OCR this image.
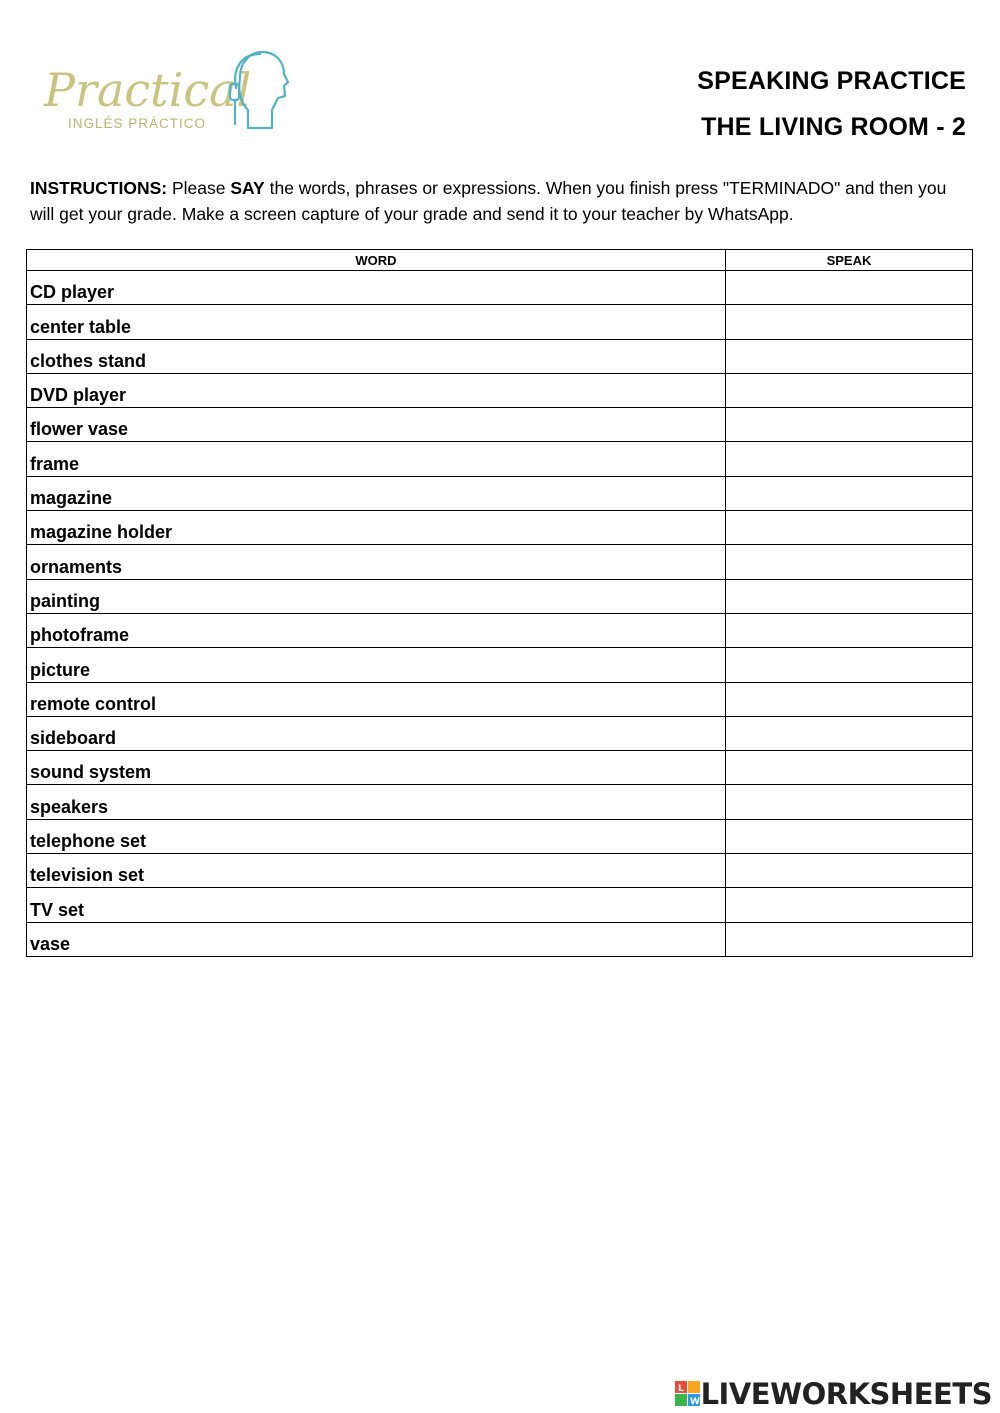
Practical
INGLÉS PRÁCTICO
SPEAKING PRACTICE
THE LIVING ROOM - 2
INSTRUCTIONS: Please SAY the words, phrases or expressions. When you finish press "TERMINADO" and then you will get your grade. Make a screen capture of your grade and send it to your teacher by WhatsApp.
WORD	SPEAK
CD player	
center table	
clothes stand	
DVD player	
flower vase	
frame	
magazine	
magazine holder	
ornaments	
painting	
photoframe	
picture	
remote control	
sideboard	
sound system	
speakers	
telephone set	
television set	
TV set	
vase	
L
W LIVEWORKSHEETS
